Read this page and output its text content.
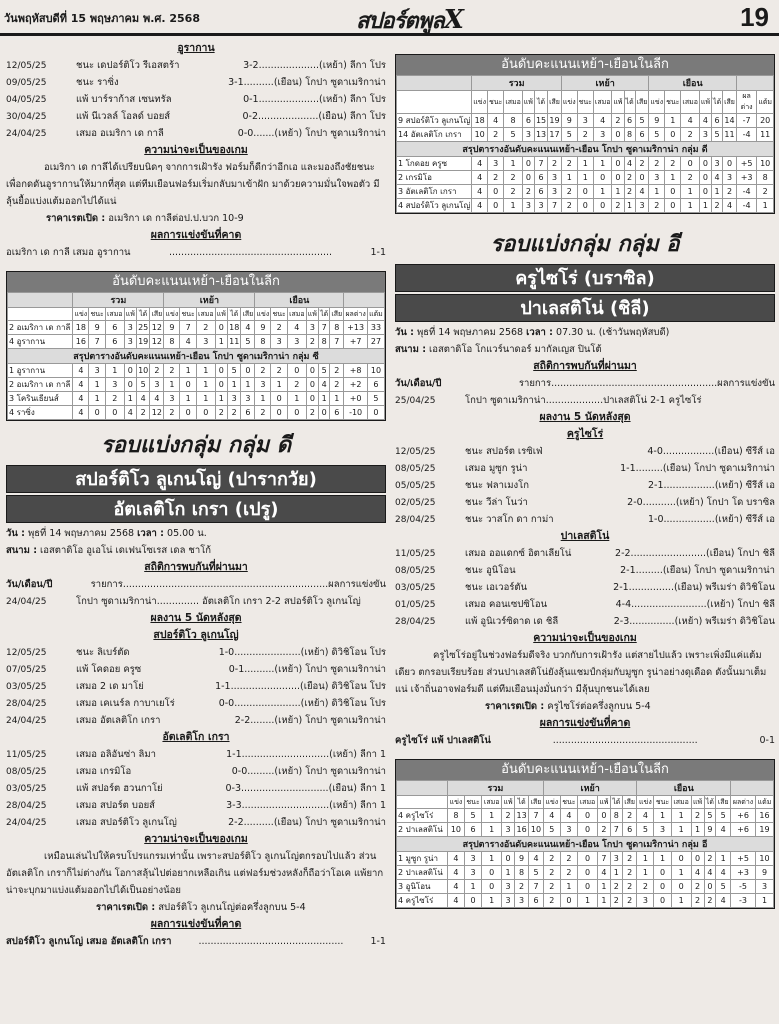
วันพฤหัสบดีที่ 15 พฤษภาคม พ.ศ. 2568	สปอร์ตพูลX	19
อูรากาน
12/05/25	ชนะ เดปอร์ติโว รีเอสตร้า	3-2....................(เหย้า) ลีกา โปร
09/05/25	ชนะ ราซิ่ง	3-1..........(เยือน) โกปา ซูดาเมริกาน่า
04/05/25	แพ้ บาร์ราก้าส เซนทรัล	0-1....................(เหย้า) ลีกา โปร
30/04/25	แพ้ นีเวลล์ โอลด์ บอยส์	0-2....................(เยือน) ลีกา โปร
24/04/25	เสมอ อเมริกา เด กาลี	0-0.......(เหย้า) โกปา ซูดาเมริกาน่า
ความน่าจะเป็นของเกม

อเมริกา เด กาลีได้เปรียบนิดๆ จากการเฝ้ารัง ฟอร์มก็ดีกว่าอีกเอ และมองถึงชัยชนะเพื่อกดดันอูรากานให้มากที่สุด แต่ทีมเยือนฟอร์มเริ่มกลับมาเข้าฝัก มาด้วยความมั่นใจพอตัว มีลุ้นยื้อแบ่งแต้มออกไปได้แน่

ราคาเรตเปิด : อเมริกา เด กาลีต่อป.ป.บวก 10-9
ผลการแข่งขันที่คาด
อเมริกา เด กาลี เสมอ อูรากาน	......................................................	1-1
อันดับคะแนนเหย้า-เยือนในลีก
	รวม						เหย้า						เยือน							
	แข่ง	ชนะ	เสมอ	แพ้	ได้	เสีย	แข่ง	ชนะ	เสมอ	แพ้	ได้	เสีย	แข่ง	ชนะ	เสมอ	แพ้	ได้	เสีย	ผลต่าง	แต้ม
2 อเมริกา เด กาลี	18	9	6	3	25	12	9	7	2	0	18	4	9	2	4	3	7	8	+13	33
4 อูรากาน	16	7	6	3	19	12	8	4	3	1	11	5	8	3	3	2	8	7	+7	27
สรุปตารางอันดับคะแนนเหย้า-เยือน โกปา ซูดาเมริกาน่า กลุ่ม ซี																				
1 อูรากาน	4	3	1	0	10	2	2	1	1	0	5	0	2	2	0	0	5	2	+8	10
2 อเมริกา เด กาลี	4	1	3	0	5	3	1	0	1	0	1	1	3	1	2	0	4	2	+2	6
3 โครินเธียนส์	4	1	2	1	4	4	3	1	1	1	3	3	1	0	1	0	1	1	+0	5
4 ราซิ่ง	4	0	0	4	2	12	2	0	0	2	2	6	2	0	0	2	0	6	-10	0
รอบแบ่งกลุ่ม กลุ่ม ดี
สปอร์ติโว ลูเกนโญ่ (ปารากวัย)
อัตเลติโก เกรา (เปรู)
วัน : พุธที่ 14 พฤษภาคม 2568 เวลา : 05.00 น.
สนาม : เอสตาดิโอ อูเอโน่ เดเฟนโซเรส เดล ชาโก้
สถิติการพบกันที่ผ่านมา
วัน/เดือน/ปี	รายการ....................................................................ผลการแข่งขัน
24/04/25	โกปา ซูดาเมริกาน่า.............. อัตเลติโก เกรา 2-2 สปอร์ติโว ลูเกนโญ่
ผลงาน 5 นัดหลังสุด
สปอร์ติโว ลูเกนโญ่
12/05/25	ชนะ ลิเบร์ตัด	1-0......................(เหย้า) ดิวิชิโอน โปร
07/05/25	แพ้ โคดอย ครูซ	0-1..........(เหย้า) โกปา ซูดาเมริกาน่า
03/05/25	เสมอ 2 เด มาโย่	1-1.......................(เยือน) ดิวิชิโอน โปร
28/04/25	เสมอ เคเนร์ล กาบาเยโร่	0-0......................(เหย้า) ดิวิชิโอน โปร
24/04/25	เสมอ อัตเลติโก เกรา	2-2........(เหย้า) โกปา ซูดาเมริกาน่า
อัตเลติโก เกรา
11/05/25	เสมอ อลิอันซ่า ลิมา	1-1.............................(เหย้า) ลีกา 1
08/05/25	เสมอ เกรมิโอ	0-0.........(เหย้า) โกปา ซูดาเมริกาน่า
03/05/25	แพ้ สปอร์ต ฮวนกาโย่	0-3.............................(เยือน) ลีกา 1
28/04/25	เสมอ สปอร์ต บอยส์	3-3.............................(เหย้า) ลีกา 1
24/04/25	เสมอ สปอร์ติโว ลูเกนโญ่	2-2..........(เยือน) โกปา ซูดาเมริกาน่า
ความน่าจะเป็นของเกม

เหมือนเล่นไปให้ครบโปรแกรมเท่านั้น เพราะสปอร์ติโว ลูเกนโญ่ตกรอบไปแล้ว ส่วนอัตเลติโก เกราก็ไม่ต่างกัน โอกาสลุ้นไปต่อยากเหลือเกิน แต่ฟอร์มช่วงหลังก็ถือว่าโอเค แพ้ยาก น่าจะบุกมาแบ่งแต้มออกไปได้เป็นอย่างน้อย

ราคาเรตเปิด : สปอร์ติโว ลูเกนโญ่ต่อครึ่งลูกบน 5-4
ผลการแข่งขันที่คาด
สปอร์ติโว ลูเกนโญ่ เสมอ อัตเลติโก เกรา	................................................	1-1
อันดับคะแนนเหย้า-เยือนในลีก
	รวม						เหย้า						เยือน							
	แข่ง	ชนะ	เสมอ	แพ้	ได้	เสีย	แข่ง	ชนะ	เสมอ	แพ้	ได้	เสีย	แข่ง	ชนะ	เสมอ	แพ้	ได้	เสีย	ผลต่าง	แต้ม
9 สปอร์ติโว ลูเกนโญ่	18	4	8	6	15	19	9	3	4	2	6	5	9	1	4	4	6	14	-7	20
14 อัตเลติโก เกรา	10	2	5	3	13	17	5	2	3	0	8	6	5	0	2	3	5	11	-4	11
สรุปตารางอันดับคะแนนเหย้า-เยือน โกปา ซูดาเมริกาน่า กลุ่ม ดี																				
1 โกดอย ครูซ	4	3	1	0	7	2	2	1	1	0	4	2	2	2	0	0	3	0	+5	10
2 เกรมิโอ	4	2	2	0	6	3	1	1	0	0	2	0	3	1	2	0	4	3	+3	8
3 อัตเลติโก เกรา	4	0	2	2	6	3	2	0	1	1	2	4	1	0	1	0	1	2	-4	2
4 สปอร์ติโว ลูเกนโญ่	4	0	1	3	3	7	2	0	0	2	1	3	2	0	1	1	2	4	-4	1
รอบแบ่งกลุ่ม กลุ่ม อี
ครูไซโร่ (บราซิล)
ปาเลสติโน่ (ชิลี)
วัน : พุธที่ 14 พฤษภาคม 2568 เวลา : 07.30 น. (เช้าวันพฤหัสบดี)
สนาม : เอสตาดิโอ โกแวร์นาดอร์ มากัลเญส ปินโต้
สถิติการพบกันที่ผ่านมา
วัน/เดือน/ปี	รายการ.......................................................ผลการแข่งขัน
25/04/25	โกปา ซูดาเมริกาน่า...................ปาเลสติโน่ 2-1 ครูไซโร่
ผลงาน 5 นัดหลังสุด
ครูไซโร่
12/05/25	ชนะ สปอร์ต เรซิเฟ่	4-0.................(เยือน) ซีรีส์ เอ
08/05/25	เสมอ มูซูก รูน่า	1-1.........(เยือน) โกปา ซูดาเมริกาน่า
05/05/25	ชนะ ฟลาเมงโก	2-1.................(เหย้า) ซีรีส์ เอ
02/05/25	ชนะ วีล่า โนว่า	2-0...........(เหย้า) โกปา โด บราซิล
28/04/25	ชนะ วาสโก ดา กาม่า	1-0.................(เหย้า) ซีรีส์ เอ
ปาเลสติโน่
11/05/25	เสมอ ออแดกซ์ อิตาเลียโน่	2-2.........................(เยือน) โกปา ชิลี
08/05/25	ชนะ อูนิโอน	2-1.........(เยือน) โกปา ซูดาเมริกาน่า
03/05/25	ชนะ เอเวอร์ตัน	2-1...............(เยือน) พรีเมร่า ดิวิชิโอน
01/05/25	เสมอ คอนเซปซิโอน	4-4.........................(เหย้า) โกปา ชิลี
28/04/25	แพ้ อูนิเวร์ซิดาด เด ชิลี	2-3...............(เหย้า) พรีเมร่า ดิวิชิโอน
ความน่าจะเป็นของเกม

ครูไซโร่อยู่ในช่วงฟอร์มดีจริง บวกกับการเฝ้ารัง แต่สายไปแล้ว เพราะเพิ่งมีแค่แต้มเดียว ตกรอบเรียบร้อย ส่วนปาเลสติโน่ยังลุ้นแชมป์กลุ่มกับมูซูก รูน่าอย่างดุเดือด ดังนั้นมาเต็มแน่ เจ้าถิ่นอาจฟอร์มดี แต่ทีมเยือนมุ่งมั่นกว่า มีลุ้นบุกชนะได้เลย

ราคาเรตเปิด : ครูไซโร่ต่อครึ่งลูกบน 5-4
ผลการแข่งขันที่คาด
ครูไซโร่ แพ้ ปาเลสติโน่	................................................	0-1
อันดับคะแนนเหย้า-เยือนในลีก
	รวม						เหย้า						เยือน							
	แข่ง	ชนะ	เสมอ	แพ้	ได้	เสีย	แข่ง	ชนะ	เสมอ	แพ้	ได้	เสีย	แข่ง	ชนะ	เสมอ	แพ้	ได้	เสีย	ผลต่าง	แต้ม
4 ครูไซโร่	8	5	1	2	13	7	4	4	0	0	8	2	4	1	1	2	5	5	+6	16
2 ปาเลสติโน่	10	6	1	3	16	10	5	3	0	2	7	6	5	3	1	1	9	4	+6	19
สรุปตารางอันดับคะแนนเหย้า-เยือน โกปา ซูดาเมริกาน่า กลุ่ม อี																				
1 มูซูก รูน่า	4	3	1	0	9	4	2	2	0	7	3	2	1	1	0	0	2	1	+5	10
2 ปาเลสติโน่	4	3	0	1	8	5	2	2	0	4	1	2	1	0	1	4	4	4	+3	9
3 อูนิโอน	4	1	0	3	2	7	2	1	0	1	2	2	2	0	0	2	0	5	-5	3
4 ครูไซโร่	4	0	1	3	3	6	2	0	1	1	2	2	3	0	1	2	2	4	-3	1
